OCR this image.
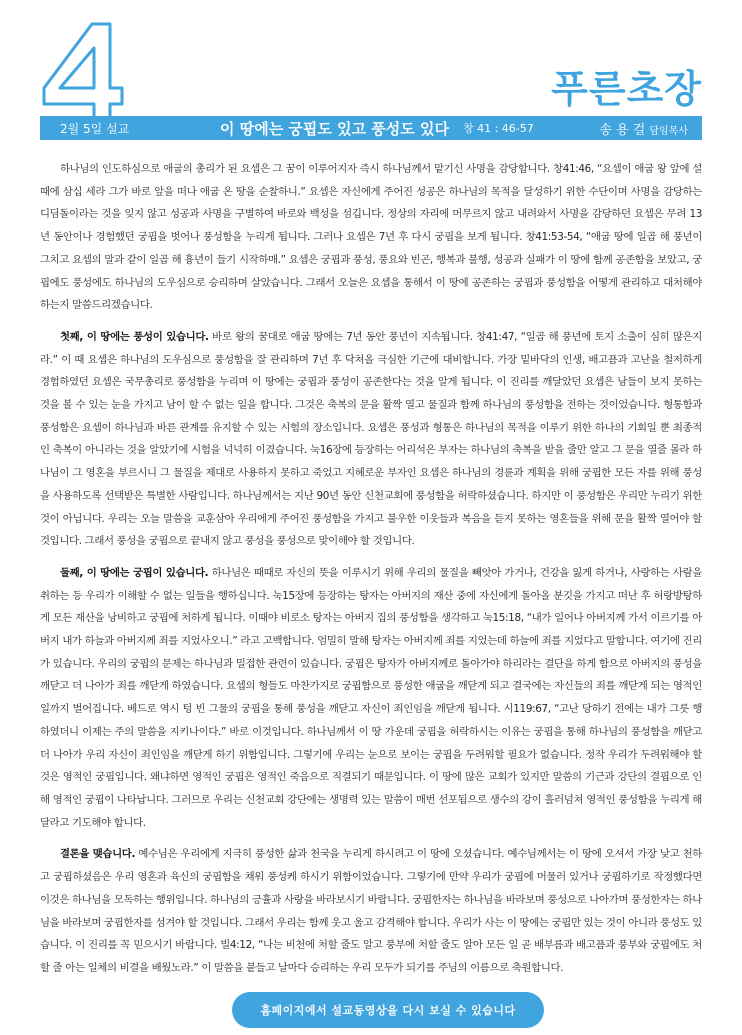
푸른초장
2월 5일 설교	이 땅에는 궁핍도 있고 풍성도 있다 창 41 : 46-57	송 용 걸 담임목사

하나님의 인도하심으로 애굽의 총리가 된 요셉은 그 꿈이 이루어지자 즉시 하나님께서 맡기신 사명을 감당합니다. 창41:46, “요셉이 애굽 왕 앞에 설 때에 삼십 세라 그가 바로 앞을 떠나 애굽 온 땅을 순찰하니.” 요셉은 자신에게 주어진 성공은 하나님의 목적을 달성하기 위한 수단이며 사명을 감당하는 디딤돌이라는 것을 잊지 않고 성공과 사명을 구별하여 바로와 백성을 섬깁니다. 정상의 자리에 머무르지 않고 내려와서 사명을 감당하던 요셉은 무려 13년 동안이나 경험했던 궁핍을 벗어나 풍성함을 누리게 됩니다. 그러나 요셉은 7년 후 다시 궁핍을 보게 됩니다. 창41:53-54, “애굽 땅에 일곱 해 풍년이 그치고 요셉의 말과 같이 일곱 해 흉년이 들기 시작하매.” 요셉은 궁핍과 풍성, 풍요와 빈곤, 행복과 불행, 성공과 실패가 이 땅에 함께 공존함을 보았고, 궁핍에도 풍성에도 하나님의 도우심으로 승리하며 살았습니다. 그래서 오늘은 요셉을 통해서 이 땅에 공존하는 궁핍과 풍성함을 어떻게 관리하고 대처해야 하는지 말씀드리겠습니다.

첫째, 이 땅에는 풍성이 있습니다. 바로 왕의 꿈대로 애굽 땅에는 7년 동안 풍년이 지속됩니다. 창41:47, “일곱 해 풍년에 토지 소출이 심히 많은지라.” 이 때 요셉은 하나님의 도우심으로 풍성함을 잘 관리하며 7년 후 닥쳐올 극심한 기근에 대비합니다. 가장 밑바닥의 인생, 배고픔과 고난을 철저하게 경험하였던 요셉은 국무총리로 풍성함을 누리며 이 땅에는 궁핍과 풍성이 공존한다는 것을 알게 됩니다. 이 진리를 깨달았던 요셉은 남들이 보지 못하는 것을 볼 수 있는 눈을 가지고 남이 할 수 없는 일을 합니다. 그것은 축복의 문을 활짝 열고 물질과 함께 하나님의 풍성함을 전하는 것이었습니다. 형통함과 풍성함은 요셉이 하나님과 바른 관계를 유지할 수 있는 시험의 장소입니다. 요셉은 풍성과 형통은 하나님의 목적을 이루기 위한 하나의 기회일 뿐 최종적인 축복이 아니라는 것을 알았기에 시험을 넉넉히 이겼습니다. 눅16장에 등장하는 어리석은 부자는 하나님의 축복을 받을 줄만 알고 그 문을 열줄 몰라 하나님이 그 영혼을 부르시니 그 물질을 제대로 사용하지 못하고 죽었고 지혜로운 부자인 요셉은 하나님의 경륜과 계획을 위해 궁핍한 모든 자를 위해 풍성을 사용하도록 선택받은 특별한 사람입니다. 하나님께서는 지난 90년 동안 신천교회에 풍성함을 허락하셨습니다. 하지만 이 풍성함은 우리만 누리기 위한 것이 아닙니다. 우리는 오늘 말씀을 교훈삼아 우리에게 주어진 풍성함을 가지고 불우한 이웃들과 복음을 듣지 못하는 영혼들을 위해 문을 활짝 열어야 할 것입니다. 그래서 풍성을 궁핍으로 끝내지 않고 풍성을 풍성으로 맞이해야 할 것입니다.

둘째, 이 땅에는 궁핍이 있습니다. 하나님은 때때로 자신의 뜻을 이루시기 위해 우리의 물질을 빼앗아 가거나, 건강을 잃게 하거나, 사랑하는 사람을 취하는 등 우리가 이해할 수 없는 일들을 행하십니다. 눅15장에 등장하는 탕자는 아버지의 재산 중에 자신에게 돌아올 분깃을 가지고 떠난 후 허랑방탕하게 모든 재산을 낭비하고 궁핍에 처하게 됩니다. 이때야 비로소 탕자는 아버지 집의 풍성함을 생각하고 눅15:18, “내가 일어나 아버지께 가서 이르기를 아버지 내가 하늘과 아버지께 죄를 지었사오니.” 라고 고백합니다. 엄밀히 말해 탕자는 아버지께 죄를 지었는데 하늘에 죄를 지었다고 말합니다. 여기에 진리가 있습니다. 우리의 궁핍의 문제는 하나님과 밀접한 관련이 있습니다. 궁핍은 탕자가 아버지께로 돌아가야 하리라는 결단을 하게 함으로 아버지의 풍성을 깨닫고 더 나아가 죄를 깨닫게 하였습니다. 요셉의 형들도 마찬가지로 궁핍함으로 풍성한 애굽을 깨닫게 되고 결국에는 자신들의 죄를 깨닫게 되는 영적인 일까지 벌어집니다. 베드로 역시 텅 빈 그물의 궁핍을 통해 풍성을 깨닫고 자신이 죄인임을 깨닫게 됩니다. 시119:67, “고난 당하기 전에는 내가 그릇 행하였더니 이제는 주의 말씀을 지키나이다.” 바로 이것입니다. 하나님께서 이 땅 가운데 궁핍을 허락하시는 이유는 궁핍을 통해 하나님의 풍성함을 깨닫고 더 나아가 우리 자신이 죄인임을 깨닫게 하기 위함입니다. 그렇기에 우리는 눈으로 보이는 궁핍을 두려워할 필요가 없습니다. 정작 우리가 두려워해야 할 것은 영적인 궁핍입니다. 왜냐하면 영적인 궁핍은 영적인 죽음으로 직결되기 때문입니다. 이 땅에 많은 교회가 있지만 말씀의 기근과 강단의 결핍으로 인해 영적인 궁핍이 나타납니다. 그러므로 우리는 신천교회 강단에는 생명력 있는 말씀이 매번 선포됨으로 생수의 강이 흘러넘쳐 영적인 풍성함을 누리게 해달라고 기도해야 합니다.

결론을 맺습니다. 예수님은 우리에게 지극히 풍성한 삶과 천국을 누리게 하시려고 이 땅에 오셨습니다. 예수님께서는 이 땅에 오셔서 가장 낮고 천하고 궁핍하셨음은 우리 영혼과 육신의 궁핍함을 채워 풍성케 하시기 위함이었습니다. 그렇기에 만약 우리가 궁핍에 머물러 있거나 궁핍하기로 작정했다면 이것은 하나님을 모독하는 행위입니다. 하나님의 긍휼과 사랑을 바라보시기 바랍니다. 궁핍한자는 하나님을 바라보며 풍성으로 나아가며 풍성한자는 하나님을 바라보며 궁핍한자를 섬겨야 할 것입니다. 그래서 우리는 함께 웃고 울고 감격해야 합니다. 우리가 사는 이 땅에는 궁핍만 있는 것이 아니라 풍성도 있습니다. 이 진리를 꼭 믿으시기 바랍니다. 빌4:12, “나는 비천에 처할 줄도 알고 풍부에 처할 줄도 알아 모든 일 곧 배부름과 배고픔과 풍부와 궁핍에도 처할 줄 아는 일체의 비결을 배웠노라.” 이 말씀을 붙들고 날마다 승리하는 우리 모두가 되기를 주님의 이름으로 축원합니다.

홈페이지에서 설교동영상을 다시 보실 수 있습니다
